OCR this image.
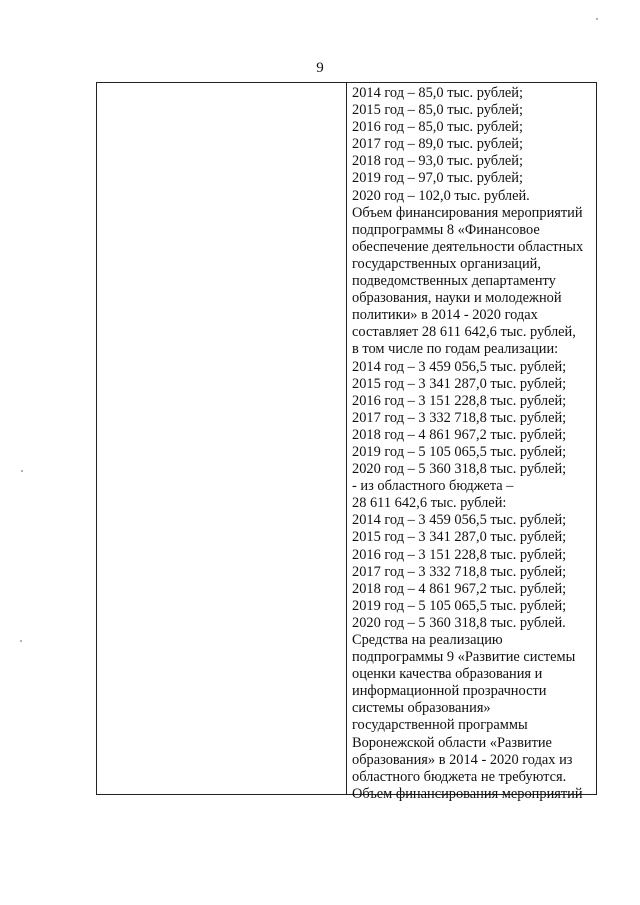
9
2014 год – 85,0 тыс. рублей;
2015 год – 85,0 тыс. рублей;
2016 год – 85,0 тыс. рублей;
2017 год – 89,0 тыс. рублей;
2018 год – 93,0 тыс. рублей;
2019 год – 97,0 тыс. рублей;
2020 год – 102,0 тыс. рублей.
Объем финансирования мероприятий
подпрограммы 8 «Финансовое
обеспечение деятельности областных
государственных организаций,
подведомственных департаменту
образования, науки и молодежной
политики» в 2014 - 2020 годах
составляет 28 611 642,6 тыс. рублей,
в том числе по годам реализации:
2014 год – 3 459 056,5 тыс. рублей;
2015 год – 3 341 287,0 тыс. рублей;
2016 год – 3 151 228,8 тыс. рублей;
2017 год – 3 332 718,8 тыс. рублей;
2018 год – 4 861 967,2 тыс. рублей;
2019 год – 5 105 065,5 тыс. рублей;
2020 год – 5 360 318,8 тыс. рублей;
- из областного бюджета –
28 611 642,6 тыс. рублей:
2014 год – 3 459 056,5 тыс. рублей;
2015 год – 3 341 287,0 тыс. рублей;
2016 год – 3 151 228,8 тыс. рублей;
2017 год – 3 332 718,8 тыс. рублей;
2018 год – 4 861 967,2 тыс. рублей;
2019 год – 5 105 065,5 тыс. рублей;
2020 год – 5 360 318,8 тыс. рублей.
Средства на реализацию
подпрограммы 9 «Развитие системы
оценки качества образования и
информационной прозрачности
системы образования»
государственной программы
Воронежской области «Развитие
образования» в 2014 - 2020 годах из
областного бюджета не требуются.
Объем финансирования мероприятий
